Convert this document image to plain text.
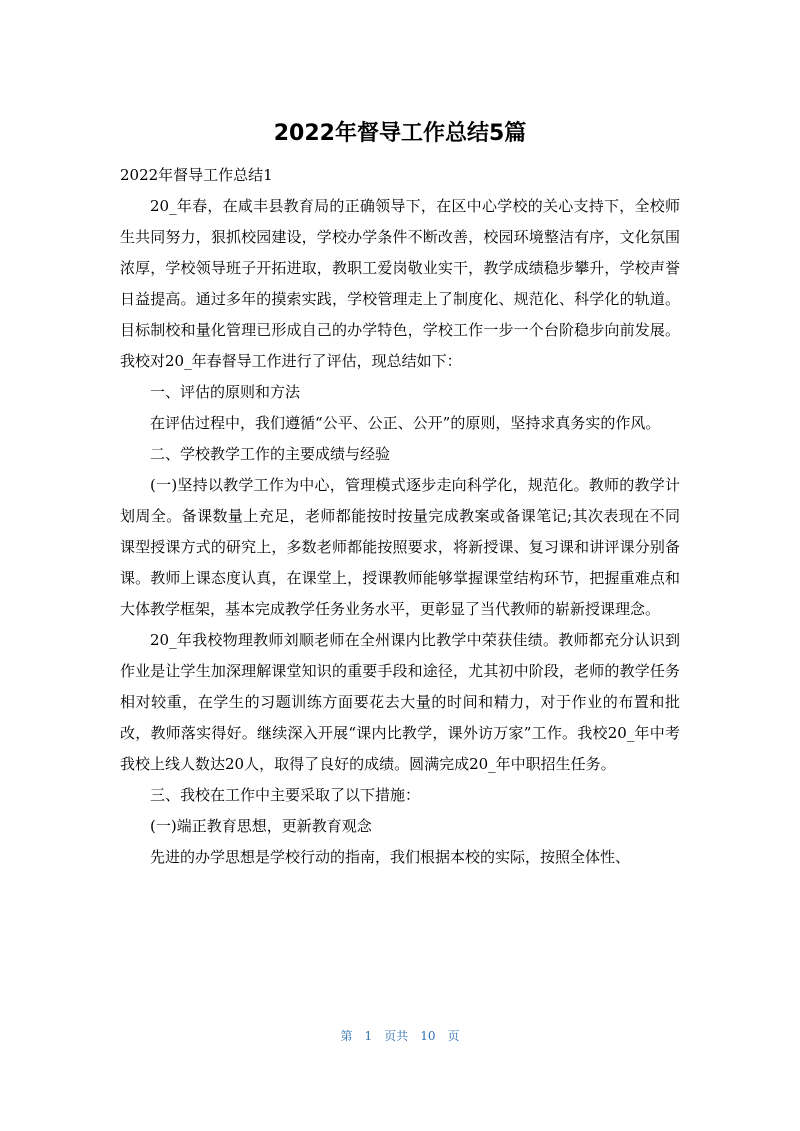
2022年督导工作总结5篇
2022年督导工作总结1

20_年春，在咸丰县教育局的正确领导下，在区中心学校的关心支持下，全校师生共同努力，狠抓校园建设，学校办学条件不断改善，校园环境整洁有序，文化氛围浓厚，学校领导班子开拓进取，教职工爱岗敬业实干，教学成绩稳步攀升，学校声誉日益提高。通过多年的摸索实践，学校管理走上了制度化、规范化、科学化的轨道。目标制校和量化管理已形成自己的办学特色，学校工作一步一个台阶稳步向前发展。我校对20_年春督导工作进行了评估，现总结如下：

一、评估的原则和方法

在评估过程中，我们遵循“公平、公正、公开”的原则，坚持求真务实的作风。

二、学校教学工作的主要成绩与经验

(一)坚持以教学工作为中心，管理模式逐步走向科学化，规范化。教师的教学计划周全。备课数量上充足，老师都能按时按量完成教案或备课笔记;其次表现在不同课型授课方式的研究上，多数老师都能按照要求，将新授课、复习课和讲评课分别备课。教师上课态度认真，在课堂上，授课教师能够掌握课堂结构环节，把握重难点和大体教学框架，基本完成教学任务业务水平，更彰显了当代教师的崭新授课理念。

20_年我校物理教师刘顺老师在全州课内比教学中荣获佳绩。教师都充分认识到作业是让学生加深理解课堂知识的重要手段和途径，尤其初中阶段，老师的教学任务相对较重，在学生的习题训练方面要花去大量的时间和精力，对于作业的布置和批改，教师落实得好。继续深入开展“课内比教学，课外访万家”工作。我校20_年中考我校上线人数达20人，取得了良好的成绩。圆满完成20_年中职招生任务。

三、我校在工作中主要采取了以下措施：

(一)端正教育思想，更新教育观念

先进的办学思想是学校行动的指南，我们根据本校的实际，按照全体性、

第 1 页共 10 页
